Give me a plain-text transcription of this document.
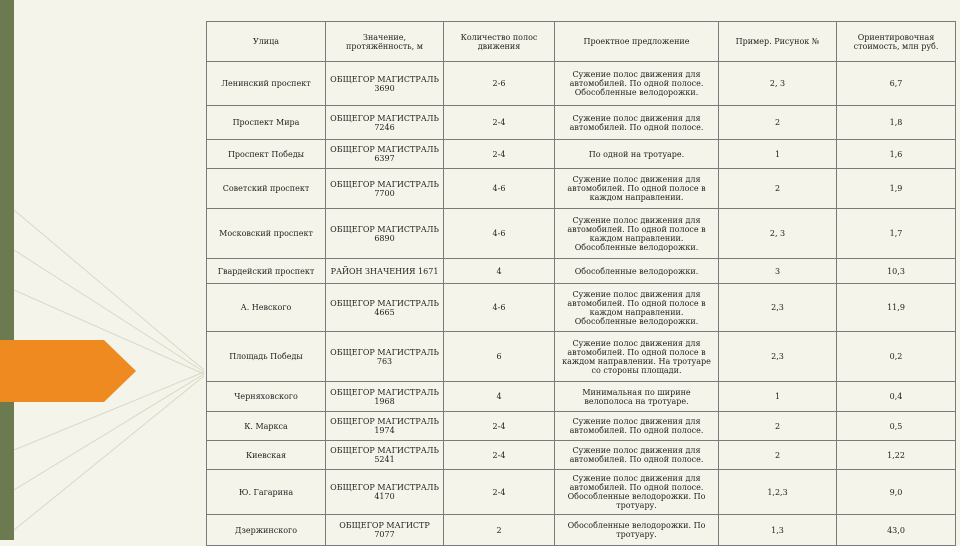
Улица	Значение, протяжённость, м	Количество полос движения	Проектное предложение	Пример. Рисунок №	Ориентировочная стоимость, млн руб.
Ленинский проспект	ОБЩЕГОР МАГИСТРАЛЬ 3690	2-6	Сужение полос движения для автомобилей. По одной полосе. Обособленные велодорожки.	2, 3	6,7
Проспект Мира	ОБЩЕГОР МАГИСТРАЛЬ 7246	2-4	Сужение полос движения для автомобилей. По одной полосе.	2	1,8
Проспект Победы	ОБЩЕГОР МАГИСТРАЛЬ 6397	2-4	По одной на тротуаре.	1	1,6
Советский проспект	ОБЩЕГОР МАГИСТРАЛЬ 7700	4-6	Сужение полос движения для автомобилей. По одной полосе в каждом направлении.	2	1,9
Московский проспект	ОБЩЕГОР МАГИСТРАЛЬ 6890	4-6	Сужение полос движения для автомобилей. По одной полосе в каждом направлении. Обособленные велодорожки.	2, 3	1,7
Гвардейский проспект	РАЙОН ЗНАЧЕНИЯ 1671	4	Обособленные велодорожки.	3	10,3
А. Невского	ОБЩЕГОР МАГИСТРАЛЬ 4665	4-6	Сужение полос движения для автомобилей. По одной полосе в каждом направлении. Обособленные велодорожки.	2,3	11,9
Площадь Победы	ОБЩЕГОР МАГИСТРАЛЬ 763	6	Сужение полос движения для автомобилей. По одной полосе в каждом направлении. На тротуаре со стороны площади.	2,3	0,2
Черняховского	ОБЩЕГОР МАГИСТРАЛЬ 1968	4	Минимальная по ширине велополоса на тротуаре.	1	0,4
К. Маркса	ОБЩЕГОР МАГИСТРАЛЬ 1974	2-4	Сужение полос движения для автомобилей. По одной полосе.	2	0,5
Киевская	ОБЩЕГОР МАГИСТРАЛЬ 5241	2-4	Сужение полос движения для автомобилей. По одной полосе.	2	1,22
Ю. Гагарина	ОБЩЕГОР МАГИСТРАЛЬ 4170	2-4	Сужение полос движения для автомобилей. По одной полосе. Обособленные велодорожки. По тротуару.	1,2,3	9,0
Дзержинского	ОБЩЕГОР МАГИСТР 7077	2	Обособленные велодорожки. По тротуару.	1,3	43,0
